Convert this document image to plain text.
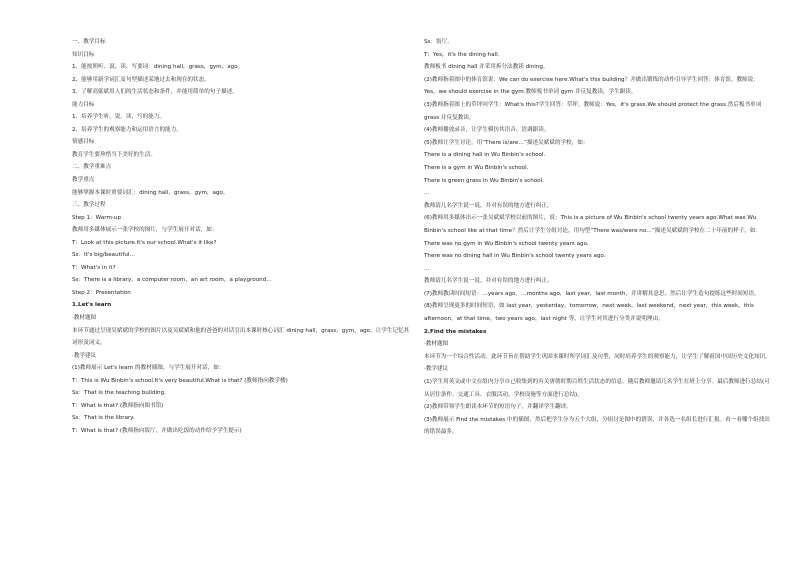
一、教学目标
知识目标
1、能按照听、说、读、写要词：dining hall，grass，gym，ago。
2、能够用新学词汇及句型描述某地过去和现在的状态。
3、了解高粱斌用人们的生活状态和条件，并能用简单的句子描述。
能力目标
1、培养学生听、说、读、写的能力。
2、培养学生的观察能力和运用语言的能力。
情感目标
教育学生要珍惜当下美好的生活。
二、教学重难点
教学重点
能够掌握本课时重要词汇：dining hall，grass，gym，ago。
三、教学过程
Step 1：Warm-up
教师用多媒体展示一张学校的图片，与学生展开对话，如：
T：Look at this picture.It's our school.What's it like?
Ss：It's big/beautiful…
T：What's in it?
Ss：There is a library，a computer room，an art room，a playground…
Step 2：Presentation
1.Let's learn
·教材题图
本环节通过呈现吴斌斌的学校的图片以及吴斌斌和他的爸爸的对话引出本课时核心词汇 dining hall，grass，gym，ago。让学生记忆其词形及词义。
·教学建议
(1)教师展示 Let's learn 的教材插图，与学生展开对话，如：
T：This is Wu Binbin's school.It's very beautiful.What is that? (教师指向教学楼)
Ss：That is the teaching building.
T：What is that? (教师指向图书馆)
Ss：That is the library.
T：What is that? (教师指向饭厅，并做出吃饭的动作给予学生提示)
Ss：饭厅。
T：Yes，it's the dining hall.
教师板书 dining hall 并采用拆分法教读 dining。
(2)教师指着图中的体育馆说：We can do exercise here.What's this building？并做出锻炼的动作引导学生回答：体育馆。教师说：Yes，we should exercise in the gym.教师板书单词 gym 并反复教读，学生跟读。
(3)教师指着图上的草坪问学生：What's this?学生回答：草坪。教师说：Yes，it's grass.We should protect the grass.然后板书单词 grass 并反复教读。
(4)教师播放录音，让学生模仿其语音、语调跟读。
(5)教师让学生讨论，用“There is/are…”描述吴斌斌的学校，如：
There is a dining hall in Wu Binbin's school.
There is a gym in Wu Binbin's school.
There is green grass in Wu Binbin's school.
…
教师请几名学生说一说，并对有误的地方进行纠正。
(6)教师用多媒体出示一张吴斌斌学校以前的图片，说：This is a picture of Wu Binbin's school twenty years ago.What was Wu Binbin's school like at that time？然后让学生分组讨论，用句型“There was/were no…”描述吴斌斌的学校在二十年前的样子，如：
There was no gym in Wu Binbin's school twenty years ago.
There was no dining hall in Wu Binbin's school twenty years ago.
…
教师请几名学生说一说，并对有误的地方进行纠正。
(7)教师教读时间短语：…years ago，…months ago，last year，last month，并讲解其意思。然后让学生造句提练这些时间短语。
(8)教师呈现更多的时间短语，如 last year，yesterday，tomorrow，next week，last weekend，next year，this week，this afternoon，at that time，two years ago，last night 等，让学生对其进行分类并说明理由。
2.Find the mistakes
·教材题图
本环节为一个综合性活动。此环节旨在帮助学生巩固本课时所学词汇及句型，同时培养学生的观察能力，让学生了解祖国中国历史文化知识。
·教学建议
(1)学生用英文或中文在组内分享自己收集到的有关唐朝时期百姓生活状态的信息。随后教师邀请几名学生在班上分享。最后教师进行总结(可从居住条件、交通工具、衣服活动、学校设施等方面进行总结)。
(2)教师带领学生朗读本环节的短语句子，并翻译学生翻译。
(3)教师展示 Find the mistakes 中的插图，然后把学生分为五个大组，分组讨论图中的错误，并各选一名组长进行汇报。看一看哪个组找出的错误最多。
